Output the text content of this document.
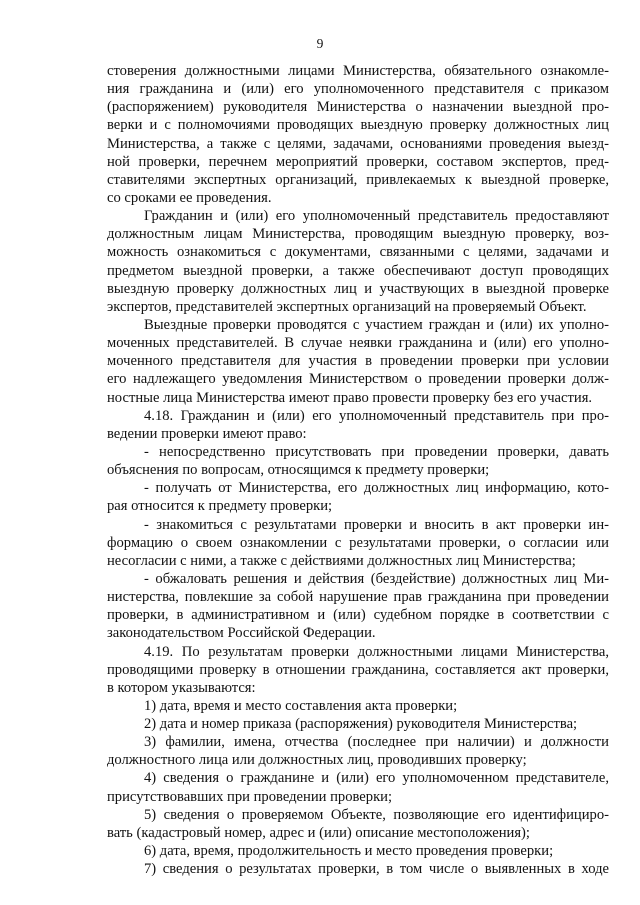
9
стоверения должностными лицами Министерства, обязательного ознакомле-
ния гражданина и (или) его уполномоченного представителя с приказом
(распоряжением) руководителя Министерства о назначении выездной про-
верки и с полномочиями проводящих выездную проверку должностных лиц
Министерства, а также с целями, задачами, основаниями проведения выезд-
ной проверки, перечнем мероприятий проверки, составом экспертов, пред-
ставителями экспертных организаций, привлекаемых к выездной проверке,
со сроками ее проведения.
Гражданин и (или) его уполномоченный представитель предоставляют
должностным лицам Министерства, проводящим выездную проверку, воз-
можность ознакомиться с документами, связанными с целями, задачами и
предметом выездной проверки, а также обеспечивают доступ проводящих
выездную проверку должностных лиц и участвующих в выездной проверке
экспертов, представителей экспертных организаций на проверяемый Объект.
Выездные проверки проводятся с участием граждан и (или) их уполно-
моченных представителей. В случае неявки гражданина и (или) его уполно-
моченного представителя для участия в проведении проверки при условии
его надлежащего уведомления Министерством о проведении проверки долж-
ностные лица Министерства имеют право провести проверку без его участия.
4.18. Гражданин и (или) его уполномоченный представитель при про-
ведении проверки имеют право:
- непосредственно присутствовать при проведении проверки, давать
объяснения по вопросам, относящимся к предмету проверки;
- получать от Министерства, его должностных лиц информацию, кото-
рая относится к предмету проверки;
- знакомиться с результатами проверки и вносить в акт проверки ин-
формацию о своем ознакомлении с результатами проверки, о согласии или
несогласии с ними, а также с действиями должностных лиц Министерства;
- обжаловать решения и действия (бездействие) должностных лиц Ми-
нистерства, повлекшие за собой нарушение прав гражданина при проведении
проверки, в административном и (или) судебном порядке в соответствии с
законодательством Российской Федерации.
4.19. По результатам проверки должностными лицами Министерства,
проводящими проверку в отношении гражданина, составляется акт проверки,
в котором указываются:
1) дата, время и место составления акта проверки;
2) дата и номер приказа (распоряжения) руководителя Министерства;
3) фамилии, имена, отчества (последнее при наличии) и должности
должностного лица или должностных лиц, проводивших проверку;
4) сведения о гражданине и (или) его уполномоченном представителе,
присутствовавших при проведении проверки;
5) сведения о проверяемом Объекте, позволяющие его идентифициро-
вать (кадастровый номер, адрес и (или) описание местоположения);
6) дата, время, продолжительность и место проведения проверки;
7) сведения о результатах проверки, в том числе о выявленных в ходе
